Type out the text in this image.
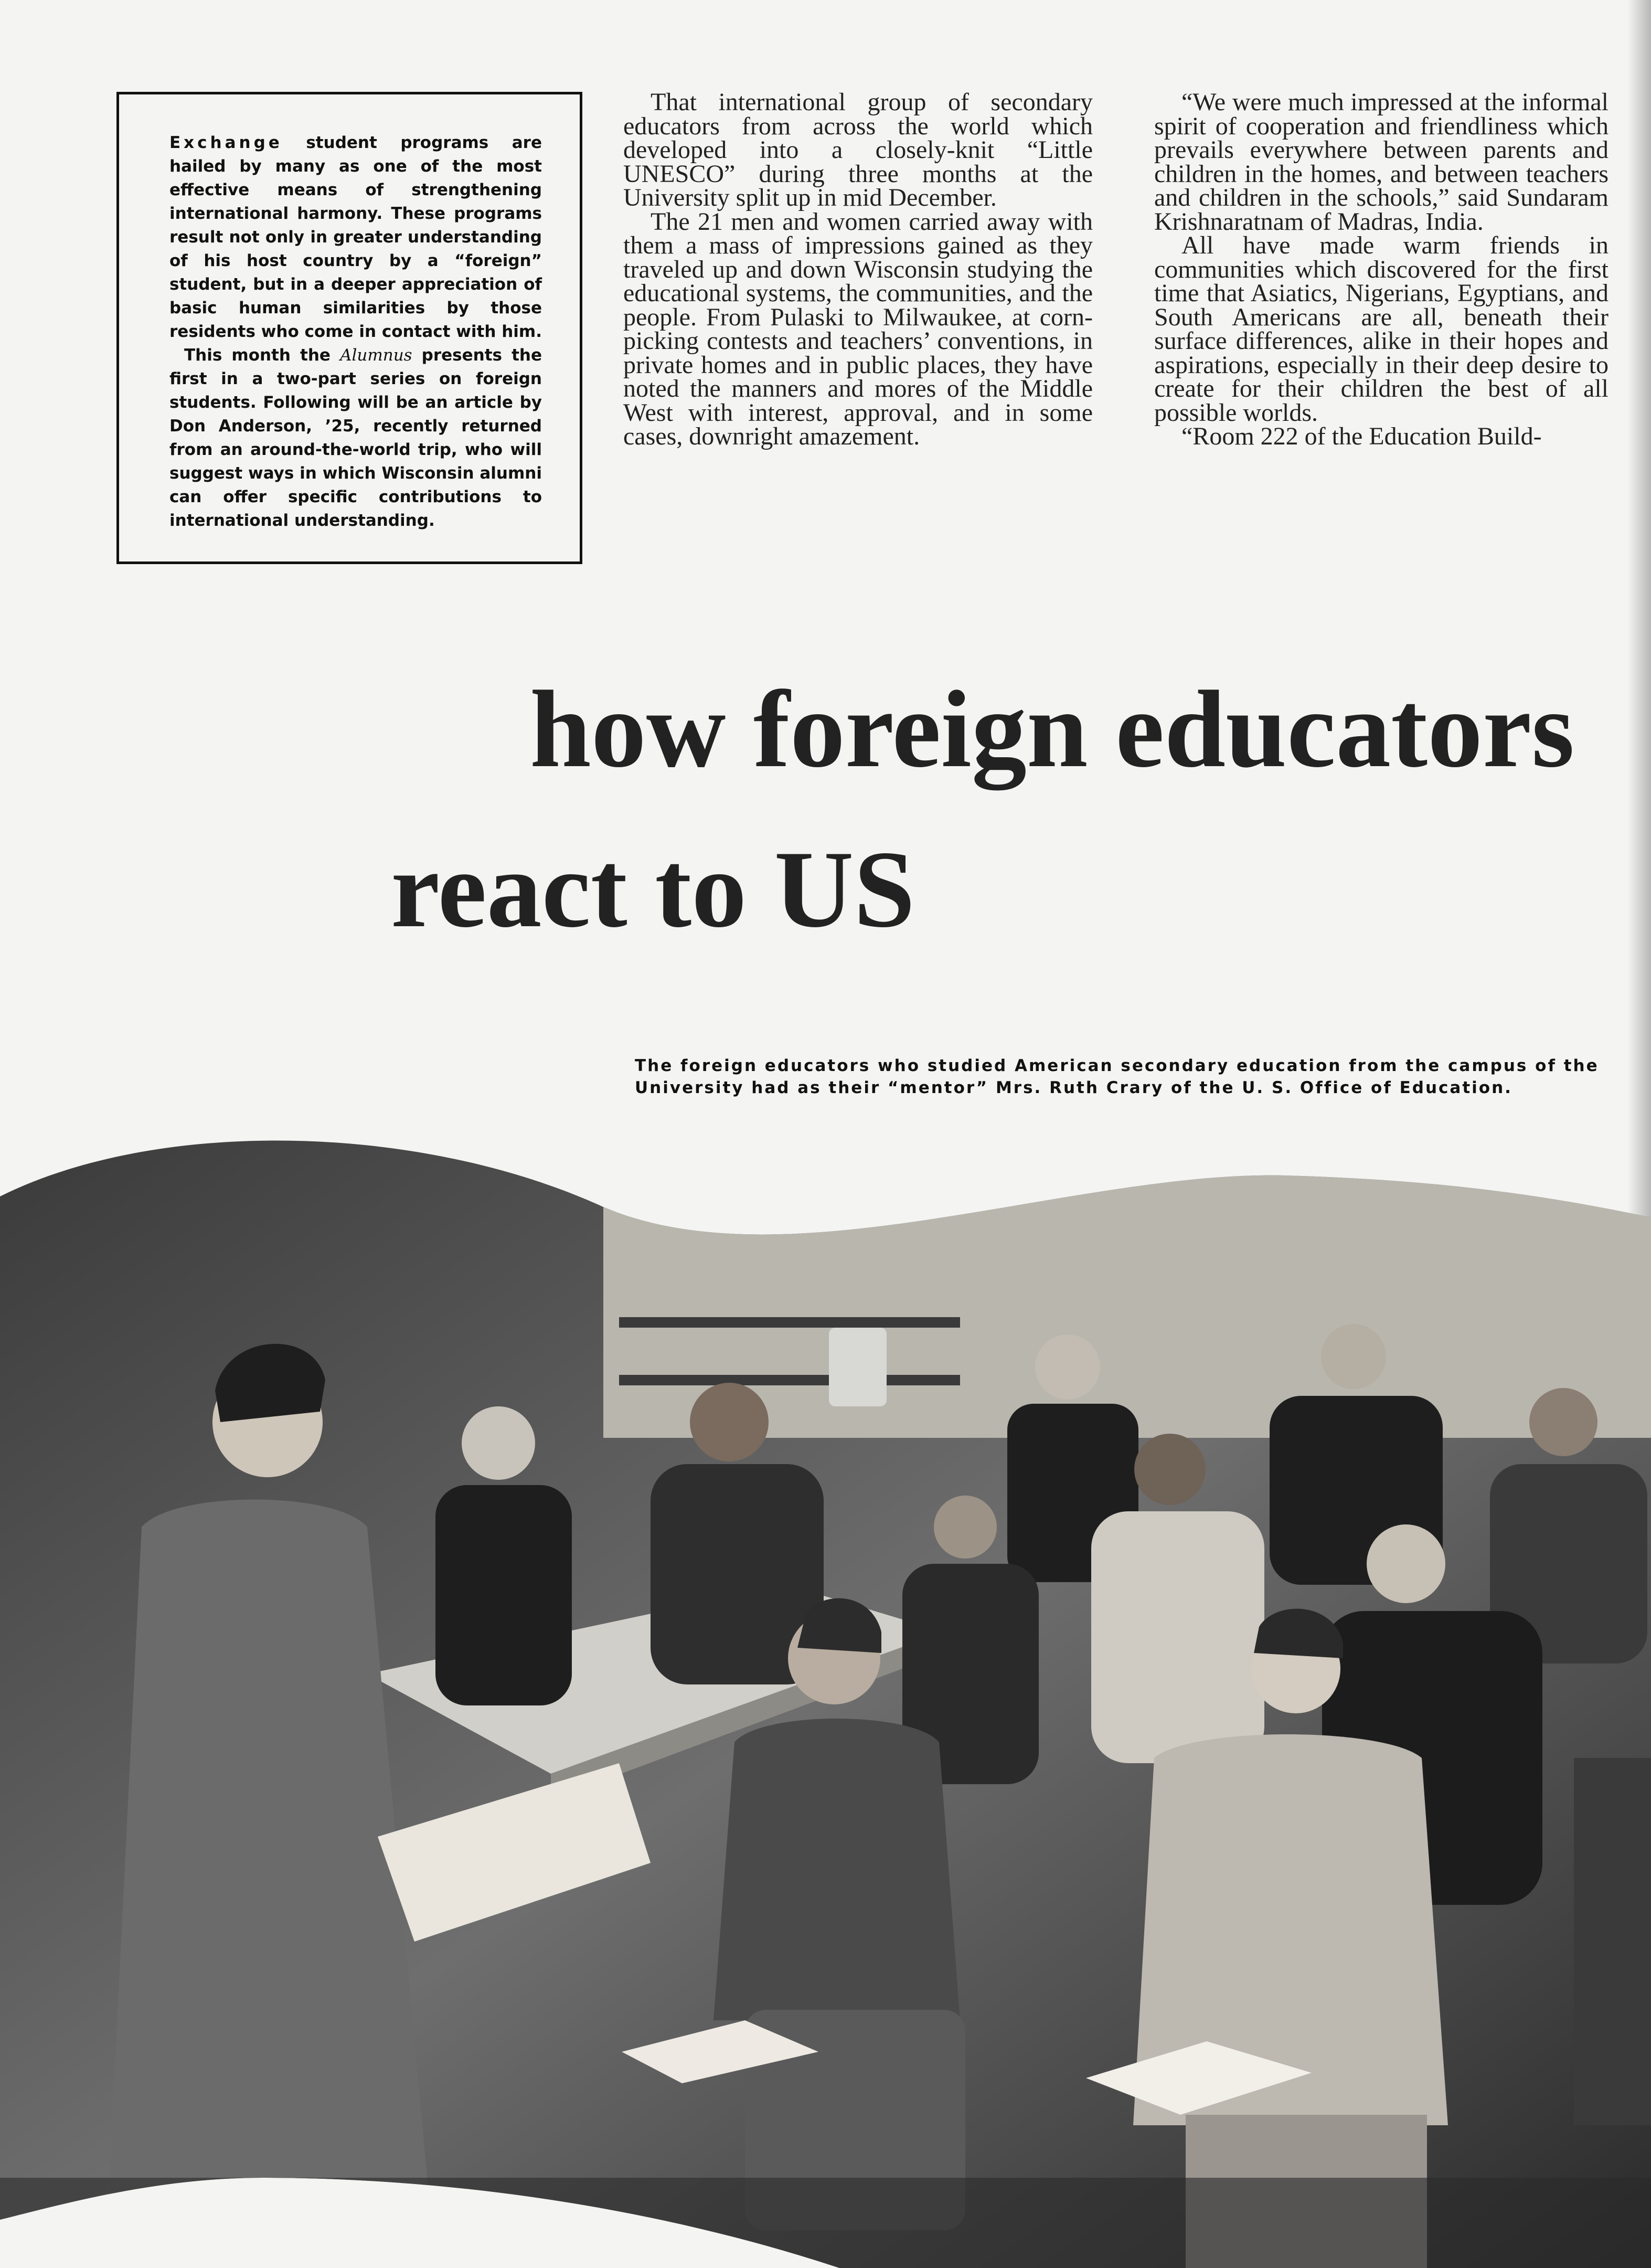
Exchange student programs are hailed by many as one of the most effective means of strengthening international harmony. These programs result not only in greater understanding of his host country by a “foreign” student, but in a deeper appreciation of basic human similarities by those residents who come in contact with him.

This month the Alumnus presents the first in a two-part series on foreign students. Following will be an article by Don Anderson, ’25, recently returned from an around-the-world trip, who will suggest ways in which Wisconsin alumni can offer specific contributions to international understanding.

That international group of secondary educators from across the world which developed into a closely-knit “Little UNESCO” during three months at the University split up in mid December.

The 21 men and women carried away with them a mass of impressions gained as they traveled up and down Wisconsin studying the educational systems, the communities, and the people. From Pulaski to Milwaukee, at corn-picking contests and teachers’ conventions, in private homes and in public places, they have noted the manners and mores of the Middle West with interest, approval, and in some cases, downright amazement.

“We were much impressed at the informal spirit of cooperation and friendliness which prevails everywhere between parents and children in the homes, and between teachers and children in the schools,” said Sundaram Krishnaratnam of Madras, India.

All have made warm friends in communities which discovered for the first time that Asiatics, Nigerians, Egyptians, and South Americans are all, beneath their surface differences, alike in their hopes and aspirations, especially in their deep desire to create for their children the best of all possible worlds.

“Room 222 of the Education Build-

how foreign educators
react to US
The foreign educators who studied American secondary education from the campus of the University had as their “mentor” Mrs. Ruth Crary of the U. S. Office of Education.
